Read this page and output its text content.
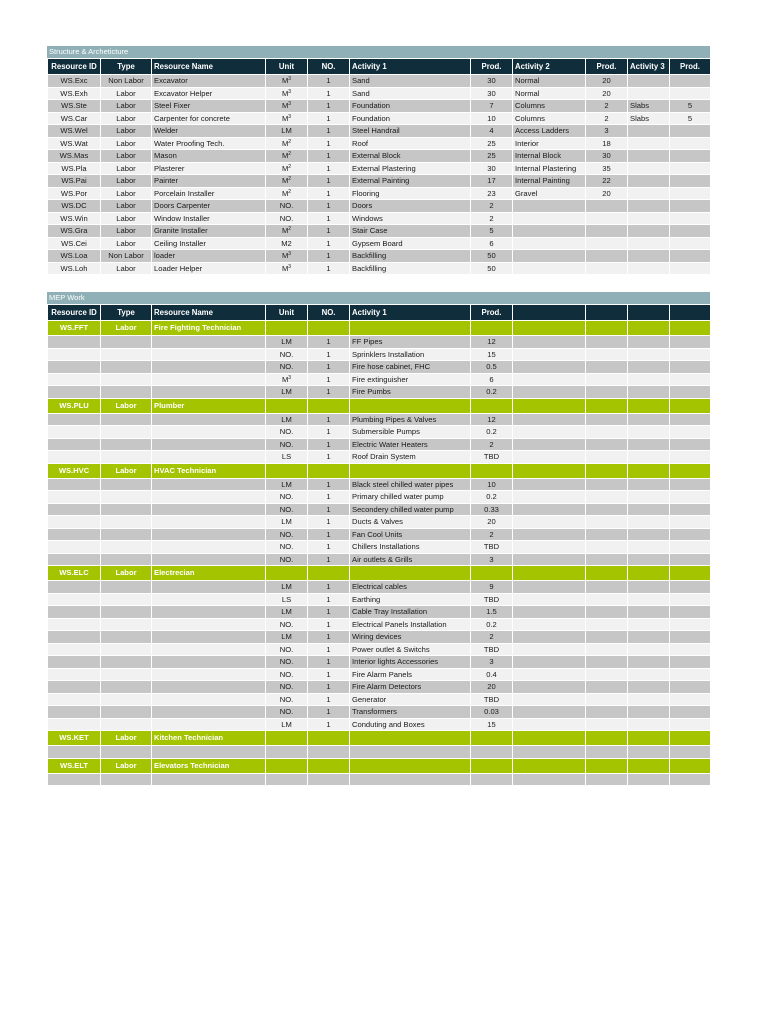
Structure & Archeticture
Resource ID	Type	Resource Name	Unit	NO.	Activity 1	Prod.	Activity 2	Prod.	Activity 3	Prod.
WS.Exc	Non Labor	Excavator	$M^3$	1	Sand	30	Normal	20		
WS.Exh	Labor	Excavator Helper	$M^3$	1	Sand	30	Normal	20		
WS.Ste	Labor	Steel Fixer	$M^3$	1	Foundation	7	Columns	2	Slabs	5
WS.Car	Labor	Carpenter for concrete	$M^3$	1	Foundation	10	Columns	2	Slabs	5
WS.Wel	Labor	Welder	LM	1	Steel Handrail	4	Access Ladders	3		
WS.Wat	Labor	Water Proofing Tech.	$M^2$	1	Roof	25	Interior	18		
WS.Mas	Labor	Mason	$M^2$	1	External Block	25	Internal Block	30		
WS.Pla	Labor	Plasterer	$M^2$	1	External Plastering	30	Internal Plastering	35		
WS.Pai	Labor	Painter	$M^2$	1	External Painting	17	Internal Painting	22		
WS.Por	Labor	Porcelain Installer	$M^2$	1	Flooring	23	Gravel	20		
WS.DC	Labor	Doors Carpenter	NO.	1	Doors	2				
WS.Win	Labor	Window Installer	NO.	1	Windows	2				
WS.Gra	Labor	Granite Installer	$M^2$	1	Stair Case	5				
WS.Cei	Labor	Ceiling Installer	M2	1	Gypsem Board	6				
WS.Loa	Non Labor	loader	$M^3$	1	Backfilling	50				
WS.Loh	Labor	Loader Helper	$M^3$	1	Backfilling	50				
MEP Work
Resource ID	Type	Resource Name	Unit	NO.	Activity 1	Prod.				
WS.FFT	Labor	Fire Fighting Technician								
			LM	1	FF Pipes	12				
			NO.	1	Sprinklers Installation	15				
			NO.	1	Fire hose cabinet, FHC	0.5				
			$M^3$	1	Fire extinguisher	6				
			LM	1	Fire Pumbs	0.2				
WS.PLU	Labor	Plumber								
			LM	1	Plumbing Pipes & Valves	12				
			NO.	1	Submersible Pumps	0.2				
			NO.	1	Electric Water Heaters	2				
			LS	1	Roof Drain System	TBD				
WS.HVC	Labor	HVAC Technician								
			LM	1	Black steel chilled water pipes	10				
			NO.	1	Primary chilled water pump	0.2				
			NO.	1	Secondery chilled water pump	0.33				
			LM	1	Ducts & Valves	20				
			NO.	1	Fan Cool Units	2				
			NO.	1	Chillers Installations	TBD				
			NO.	1	Air outlets & Grills	3				
WS.ELC	Labor	Electrecian								
			LM	1	Electrical cables	9				
			LS	1	Earthing	TBD				
			LM	1	Cable Tray Installation	1.5				
			NO.	1	Electrical Panels Installation	0.2				
			LM	1	Wiring devices	2				
			NO.	1	Power outlet & Switchs	TBD				
			NO.	1	Interior lights Accessories	3				
			NO.	1	Fire Alarm Panels	0.4				
			NO.	1	Fire Alarm Detectors	20				
			NO.	1	Generator	TBD				
			NO.	1	Transformers	0.03				
			LM	1	Conduting and Boxes	15				
WS.KET	Labor	Kitchen Technician								

WS.ELT	Labor	Elevators Technician								
